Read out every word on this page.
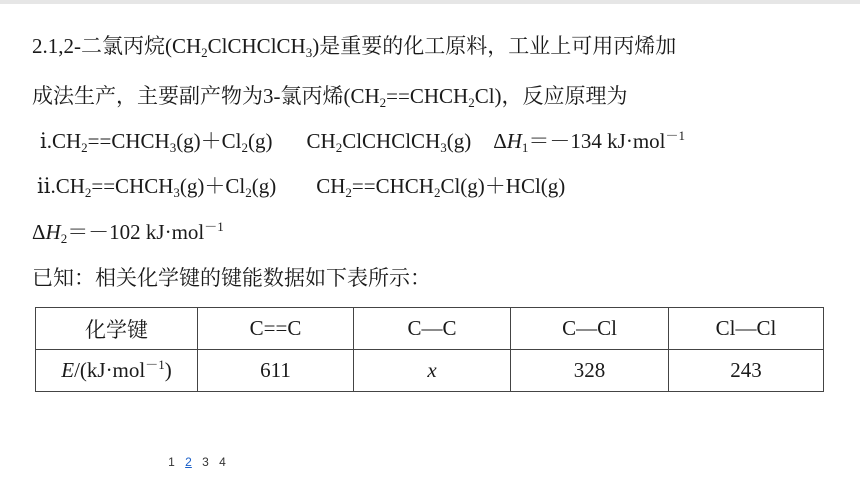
2.1,2-二氯丙烷$(CH_2ClCHClCH_3)$是重要的化工原料，工业上可用丙烯加
成法生产，主要副产物为3-氯丙烯$(CH_2==CHCH_2Cl)$，反应原理为
$ⅰ.CH_2==CHCH_3(g)+Cl_2(g)$ $CH_2ClCHClCH_3(g)$ $\Delta H_1=-134$ kJ·mol$^{-1}$
$ⅱ.CH_2==CHCH_3(g)+Cl_2(g)$ $CH_2==CHCH_2Cl(g)+HCl(g)$
$\Delta H_2=-102$ kJ·mol$^{-1}$
已知：相关化学键的键能数据如下表所示：
化学键	C==C	C—C	C—Cl	Cl—Cl
E/(kJ·mol$^{-1}$)	611	x	328	243
1 2 3 4
